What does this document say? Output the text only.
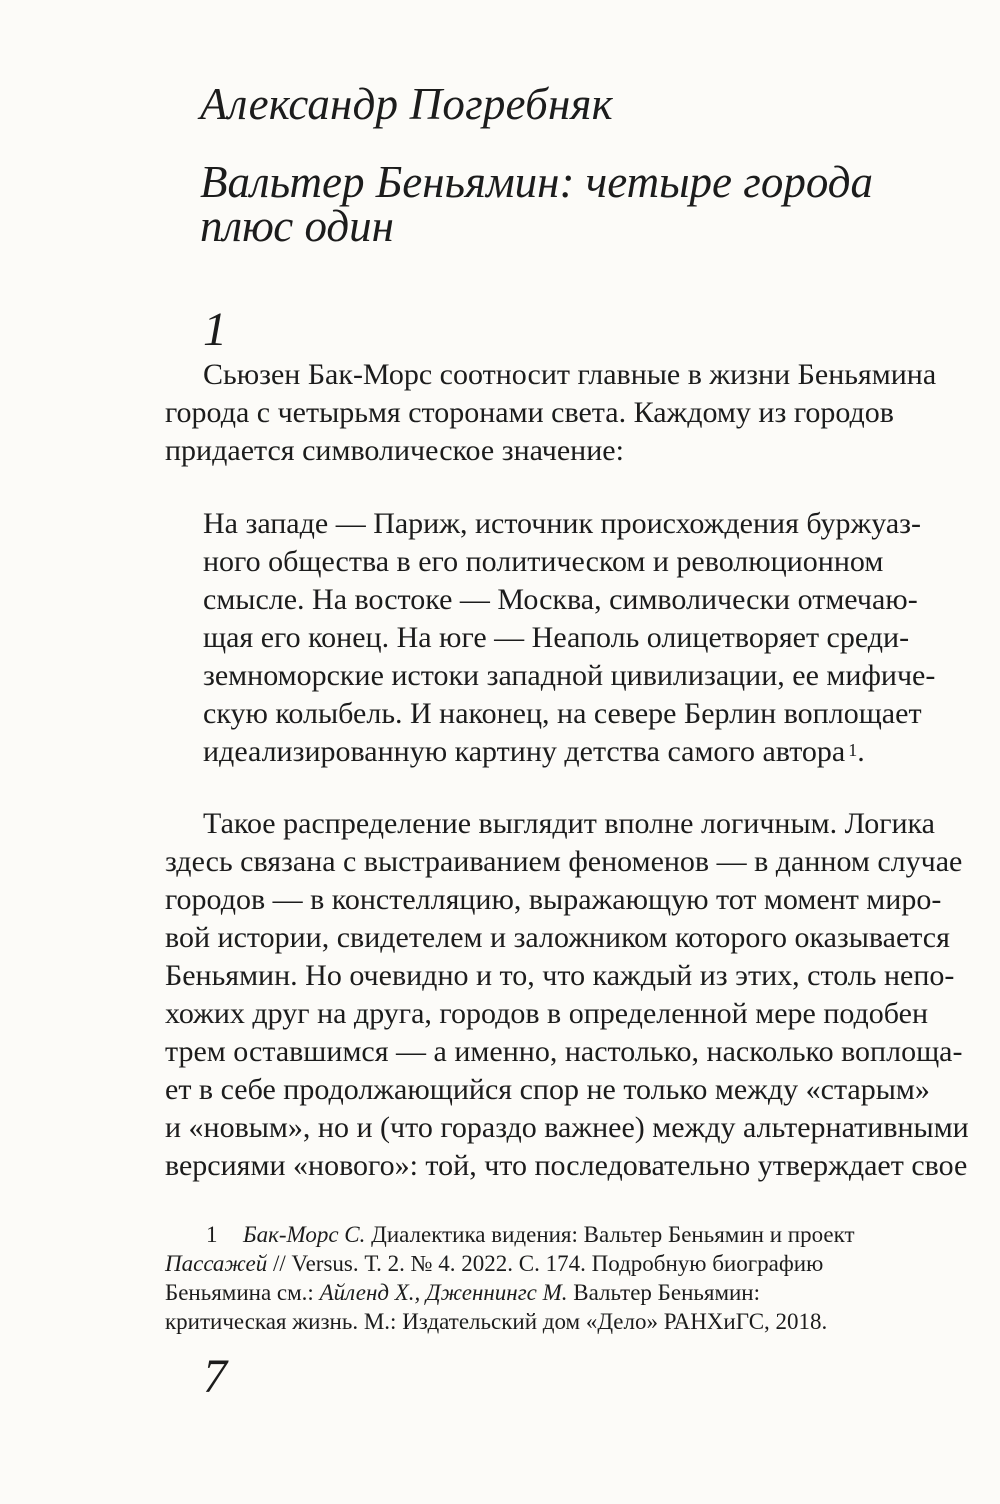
Александр Погребняк
Вальтер Беньямин: четыре города
плюс один
1
Сьюзен Бак-Морс соотносит главные в жизни Беньямина
города с четырьмя сторонами света. Каждому из городов
придается символическое значение:
На западе — Париж, источник происхождения буржуаз-
ного общества в его политическом и революционном
смысле. На востоке — Москва, символически отмечаю-
щая его конец. На юге — Неаполь олицетворяет среди-
земноморские истоки западной цивилизации, ее мифиче-
скую колыбель. И наконец, на севере Берлин воплощает
идеализированную картину детства самого автора $^1$.
Такое распределение выглядит вполне логичным. Логика
здесь связана с выстраиванием феноменов — в данном случае
городов — в констелляцию, выражающую тот момент миро-
вой истории, свидетелем и заложником которого оказывается
Беньямин. Но очевидно и то, что каждый из этих, столь непо-
хожих друг на друга, городов в определенной мере подобен
трем оставшимся — а именно, настолько, насколько воплоща-
ет в себе продолжающийся спор не только между «старым»
и «новым», но и (что гораздо важнее) между альтернативными
версиями «нового»: той, что последовательно утверждает свое
1 Бак-Морс С. Диалектика видения: Вальтер Беньямин и проект
Пассажей // Versus. Т. 2. № 4. 2022. С. 174. Подробную биографию
Беньямина см.: Айленд Х., Дженнингс М. Вальтер Беньямин:
критическая жизнь. М.: Издательский дом «Дело» РАНХиГС, 2018.
7
